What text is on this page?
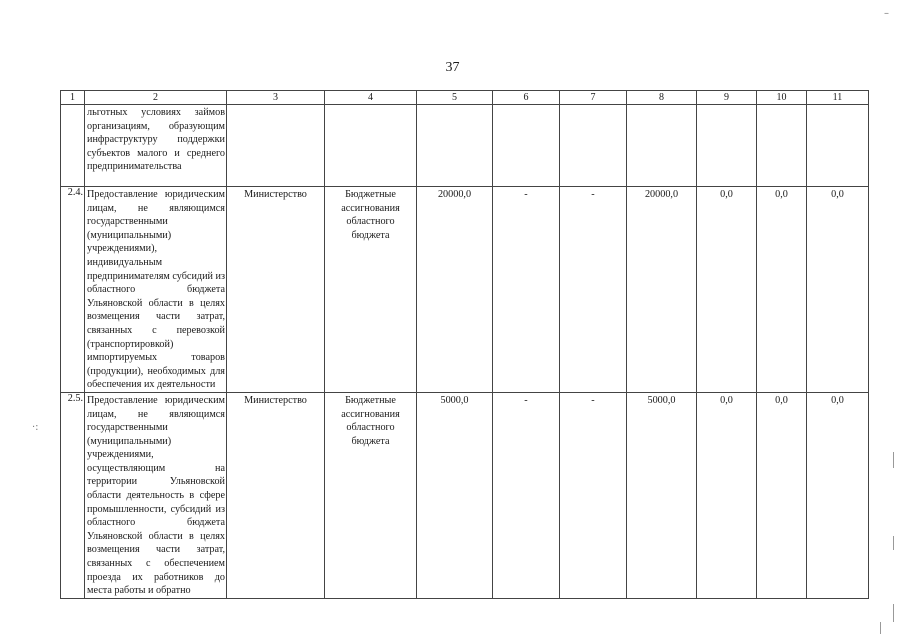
37
1	2	3	4	5	6	7	8	9	10	11
	льготных условиях займов организациям, образующим инфраструктуру поддержки субъектов малого и среднего предпринимательства									
2.4.	Предоставление юридическим лицам, не являющимся государственными (муниципальными) учреждениями), индивидуальным предпринимателям субсидий из областного бюджета Ульяновской области в целях возмещения части затрат, связанных с перевозкой (транспортировкой) импортируемых товаров (продукции), необходимых для обеспечения их деятельности	Министерство	Бюджетные ассигнования областного бюджета	20000,0	-	-	20000,0	0,0	0,0	0,0
2.5.	Предоставление юридическим лицам, не являющимся государственными (муниципальными) учреждениями, осуществляющим на территории Ульяновской области деятельность в сфере промышленности, субсидий из областного бюджета Ульяновской области в целях возмещения части затрат, связанных с обеспечением проезда их работников до места работы и обратно	Министерство	Бюджетные ассигнования областного бюджета	5000,0	-	-	5000,0	0,0	0,0	0,0
·:
–
